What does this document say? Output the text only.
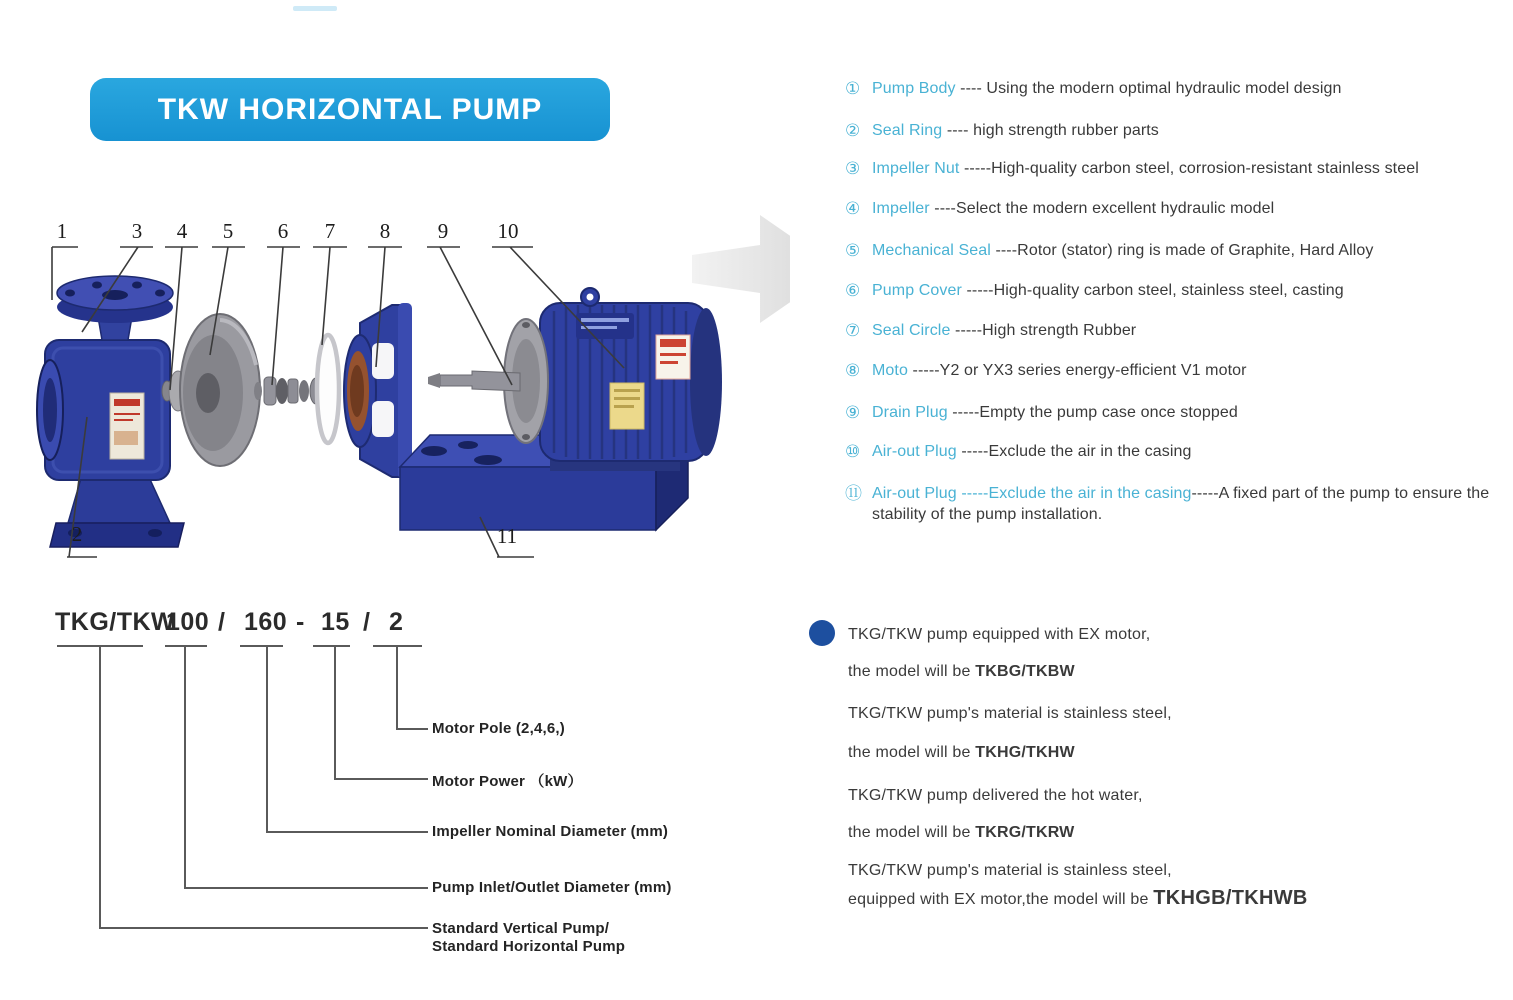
TKW HORIZONTAL PUMP
1
2
3	4	5	6	7	8	9	10
11
① Pump Body ---- Using the modern optimal hydraulic model design
② Seal Ring ---- high strength rubber parts
③ Impeller Nut -----High-quality carbon steel, corrosion-resistant stainless steel
④ Impeller ----Select the modern excellent hydraulic model
⑤ Mechanical Seal ----Rotor (stator) ring is made of Graphite, Hard Alloy
⑥ Pump Cover -----High-quality carbon steel, stainless steel, casting
⑦ Seal Circle -----High strength Rubber
⑧ Moto -----Y2 or YX3 series energy-efficient V1 motor
⑨ Drain Plug -----Empty the pump case once stopped
⑩ Air-out Plug -----Exclude the air in the casing
⑪ Air-out Plug -----Exclude the air in the casing-----A fixed part of the pump to ensure the stability of the pump installation.
TKG/TKW
100 / 160 - 15 / 2
Motor Pole (2,4,6,)
Motor Power （kW）
Impeller Nominal Diameter (mm)
Pump Inlet/Outlet Diameter (mm)
Standard Vertical Pump/
Standard Horizontal Pump
TKG/TKW pump equipped with EX motor,
the model will be TKBG/TKBW
TKG/TKW pump's material is stainless steel,
the model will be TKHG/TKHW
TKG/TKW pump delivered the hot water,
the model will be TKRG/TKRW
TKG/TKW pump's material is stainless steel,
equipped with EX motor,the model will be TKHGB/TKHWB
